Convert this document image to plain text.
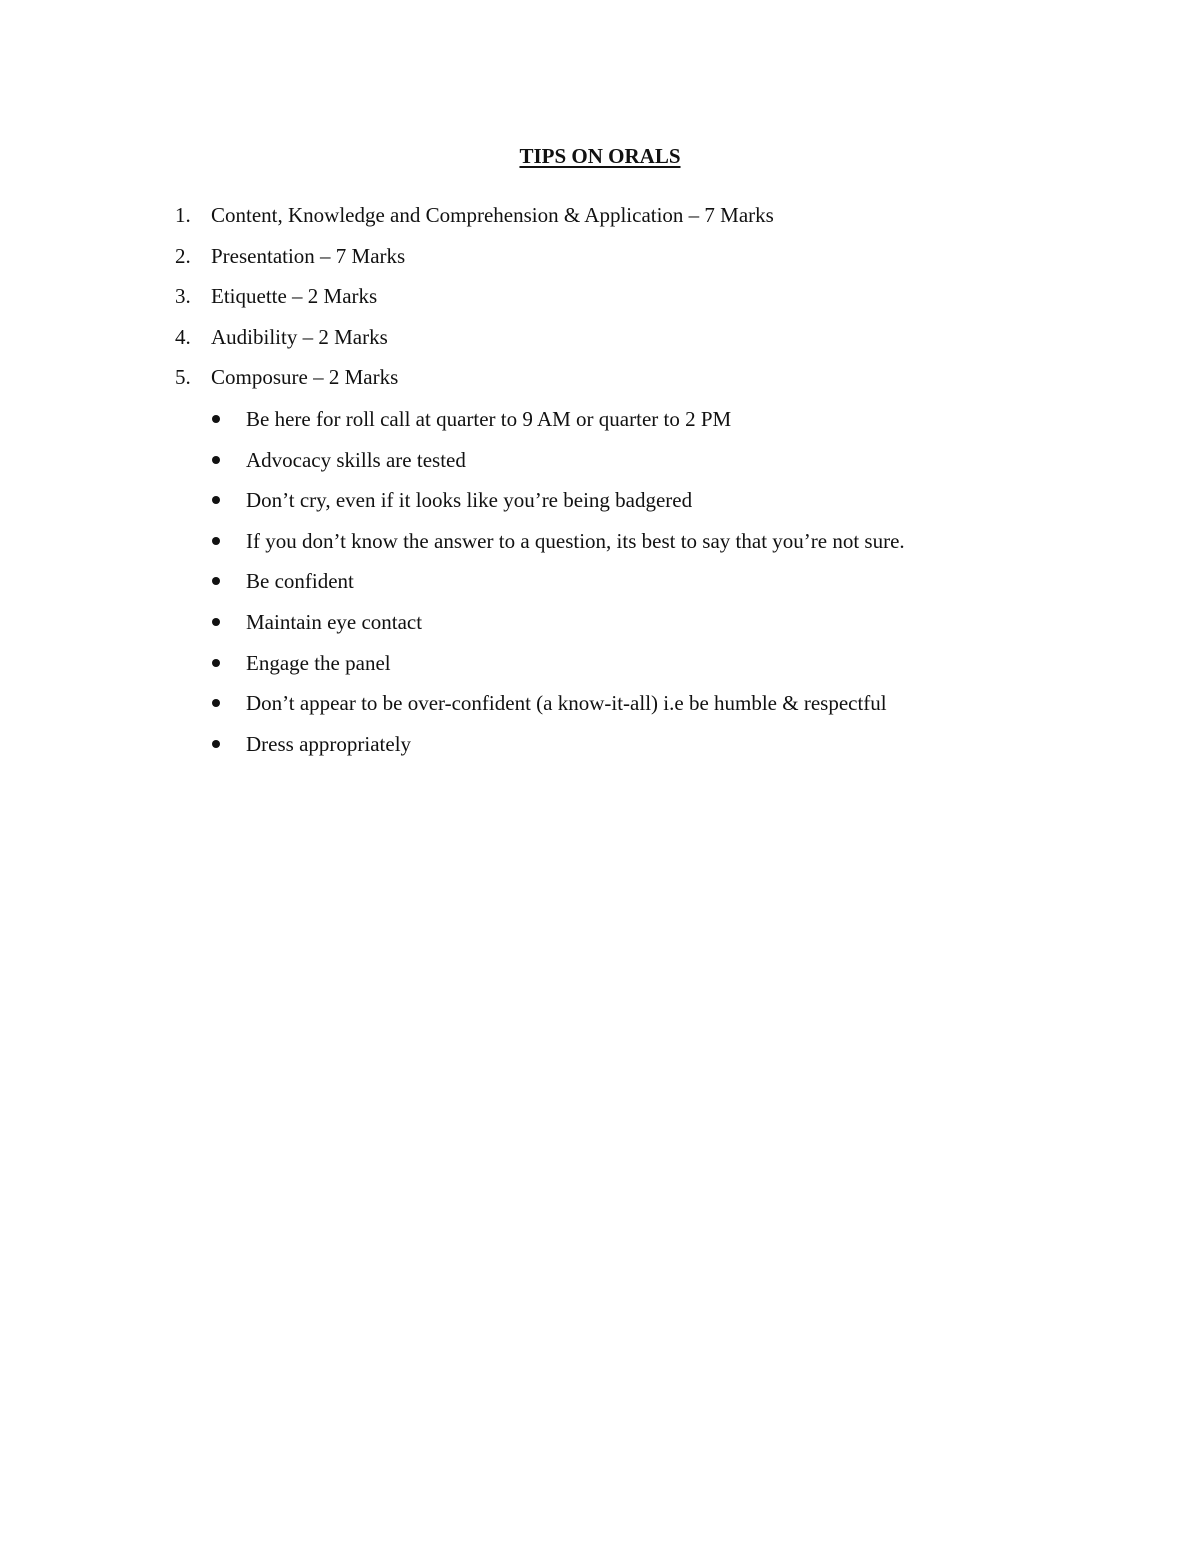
TIPS ON ORALS
1. Content, Knowledge and Comprehension & Application – 7 Marks
2. Presentation – 7 Marks
3. Etiquette – 2 Marks
4. Audibility – 2 Marks
5. Composure – 2 Marks
Be here for roll call at quarter to 9 AM or quarter to 2 PM
Advocacy skills are tested
Don’t cry, even if it looks like you’re being badgered
If you don’t know the answer to a question, its best to say that you’re not sure.
Be confident
Maintain eye contact
Engage the panel
Don’t appear to be over-confident (a know-it-all) i.e be humble & respectful
Dress appropriately
